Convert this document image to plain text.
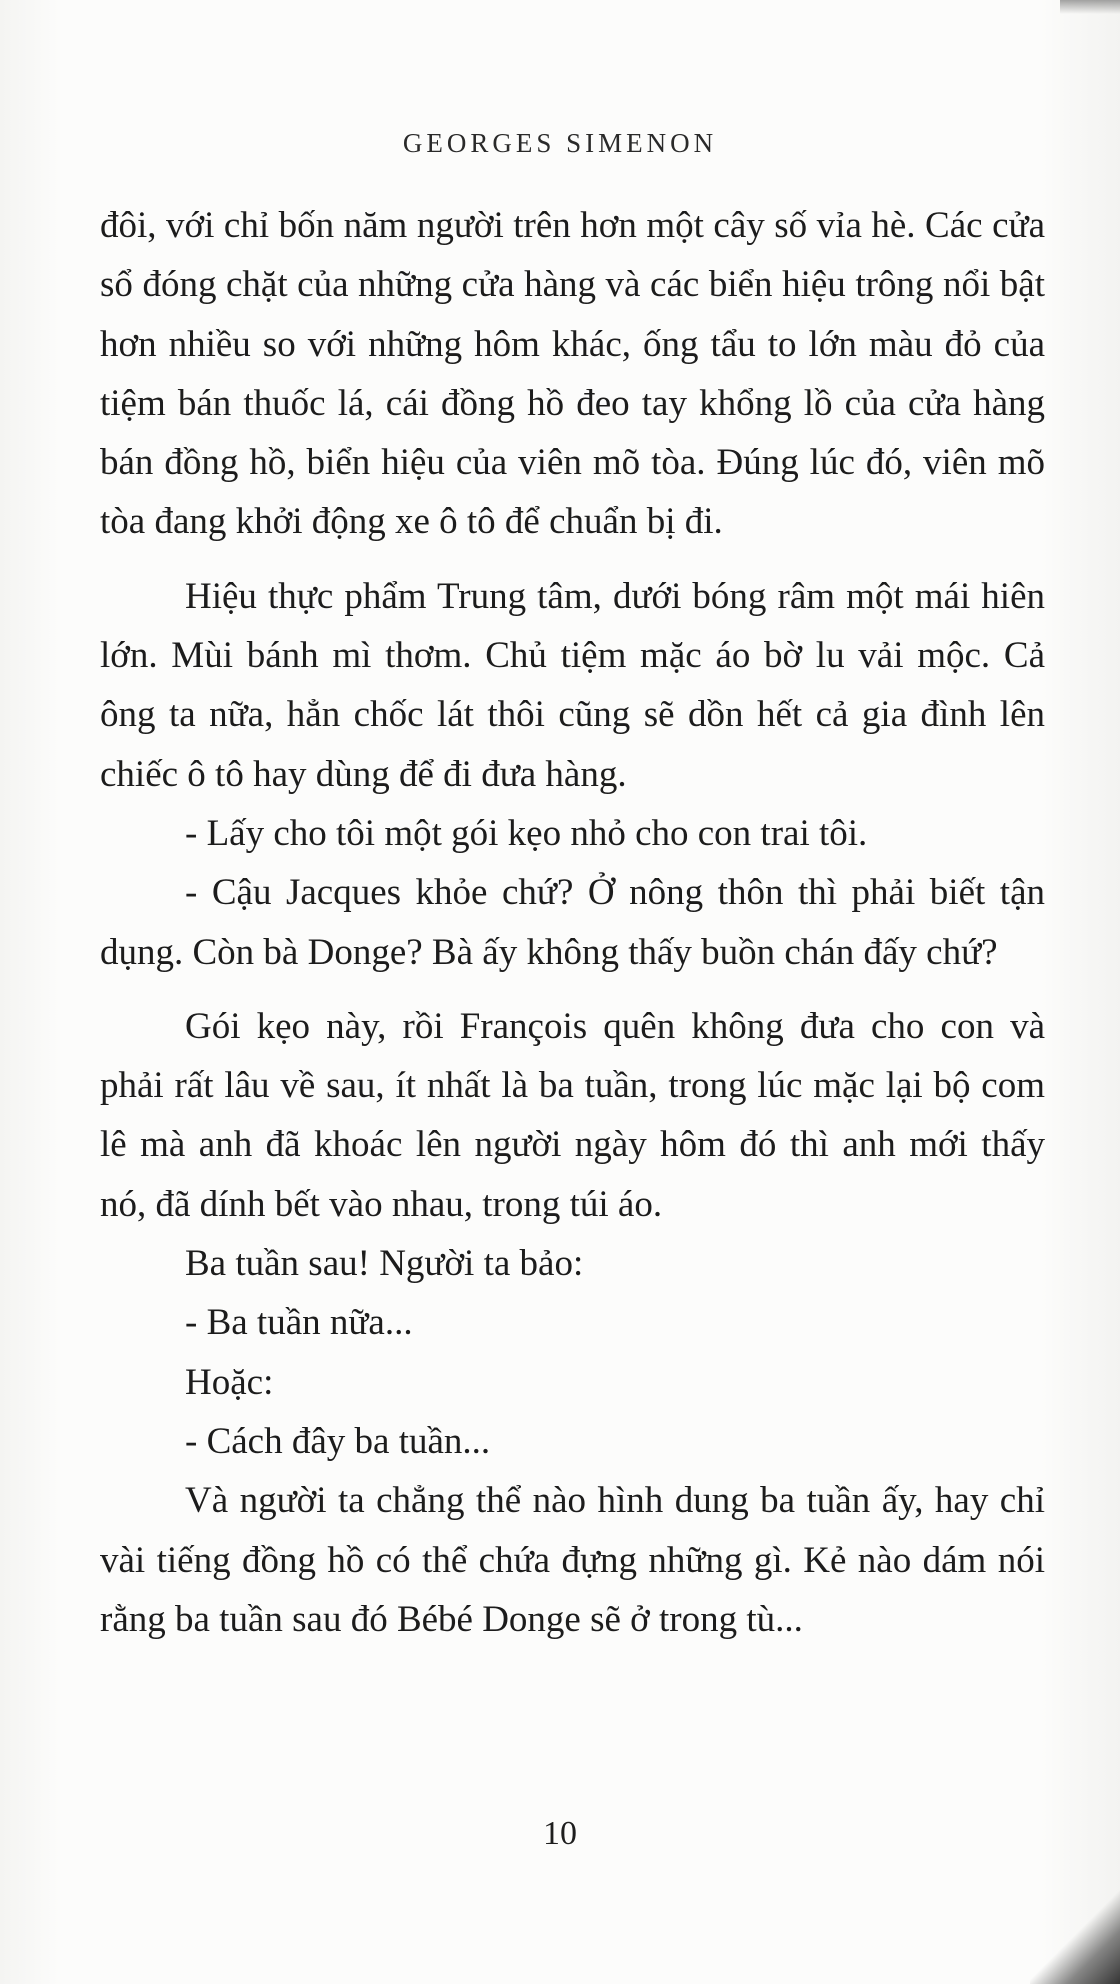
GEORGES SIMENON

đôi, với chỉ bốn năm người trên hơn một cây số vỉa hè. Các cửa sổ đóng chặt của những cửa hàng và các biển hiệu trông nổi bật hơn nhiều so với những hôm khác, ống tẩu to lớn màu đỏ của tiệm bán thuốc lá, cái đồng hồ đeo tay khổng lồ của cửa hàng bán đồng hồ, biển hiệu của viên mõ tòa. Đúng lúc đó, viên mõ tòa đang khởi động xe ô tô để chuẩn bị đi.

Hiệu thực phẩm Trung tâm, dưới bóng râm một mái hiên lớn. Mùi bánh mì thơm. Chủ tiệm mặc áo bờ lu vải mộc. Cả ông ta nữa, hẳn chốc lát thôi cũng sẽ dồn hết cả gia đình lên chiếc ô tô hay dùng để đi đưa hàng.

- Lấy cho tôi một gói kẹo nhỏ cho con trai tôi.

- Cậu Jacques khỏe chứ? Ở nông thôn thì phải biết tận dụng. Còn bà Donge? Bà ấy không thấy buồn chán đấy chứ?

Gói kẹo này, rồi François quên không đưa cho con và phải rất lâu về sau, ít nhất là ba tuần, trong lúc mặc lại bộ com lê mà anh đã khoác lên người ngày hôm đó thì anh mới thấy nó, đã dính bết vào nhau, trong túi áo.

Ba tuần sau! Người ta bảo:

- Ba tuần nữa...

Hoặc:

- Cách đây ba tuần...

Và người ta chẳng thể nào hình dung ba tuần ấy, hay chỉ vài tiếng đồng hồ có thể chứa đựng những gì. Kẻ nào dám nói rằng ba tuần sau đó Bébé Donge sẽ ở trong tù...

10
